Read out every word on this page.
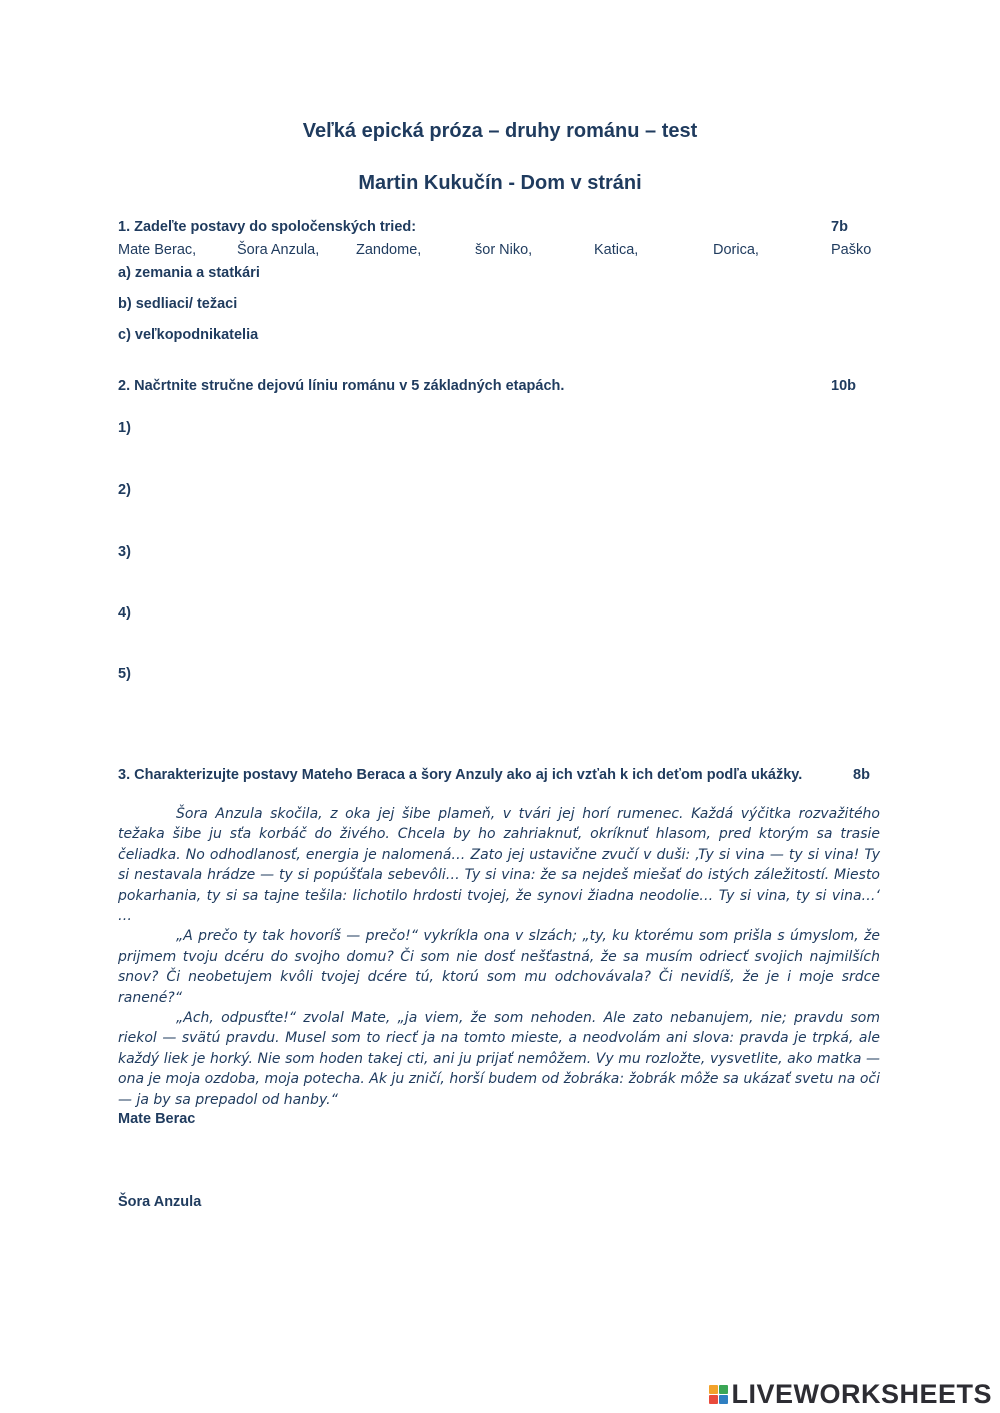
Veľká epická próza – druhy románu – test
Martin Kukučín - Dom v stráni
1. Zadeľte postavy do spoločenských tried:	7b
Mate Berac,	Šora Anzula,	Zandome,	šor Niko,	Katica,	Dorica,	Paško
a) zemania a statkári
b) sedliaci/ težaci
c) veľkopodnikatelia
2. Načrtnite stručne dejovú líniu románu v 5 základných etapách.	10b
1)
2)
3)
4)
5)
3. Charakterizujte postavy Mateho Beraca a šory Anzuly ako aj ich vzťah k ich deťom podľa ukážky.	8b

Šora Anzula skočila, z oka jej šibe plameň, v tvári jej horí rumenec. Každá výčitka rozvažitého težaka šibe ju sťa korbáč do živého. Chcela by ho zahriaknuť, okríknuť hlasom, pred ktorým sa trasie čeliadka. No odhodlanosť, energia je nalomená… Zato jej ustavične zvučí v duši: ‚Ty si vina — ty si vina! Ty si nestavala hrádze — ty si popúšťala sebevôli… Ty si vina: že sa nejdeš miešať do istých záležitostí. Miesto pokarhania, ty si sa tajne tešila: lichotilo hrdosti tvojej, že synovi žiadna neodolie… Ty si vina, ty si vina…‘ …

„A prečo ty tak hovoríš — prečo!“ vykríkla ona v slzách; „ty, ku ktorému som prišla s úmyslom, že prijmem tvoju dcéru do svojho domu? Či som nie dosť nešťastná, že sa musím odriecť svojich najmilších snov? Či neobetujem kvôli tvojej dcére tú, ktorú som mu odchovávala? Či nevidíš, že je i moje srdce ranené?“

„Ach, odpusťte!“ zvolal Mate, „ja viem, že som nehoden. Ale zato nebanujem, nie; pravdu som riekol — svätú pravdu. Musel som to riecť ja na tomto mieste, a neodvolám ani slova: pravda je trpká, ale každý liek je horký. Nie som hoden takej cti, ani ju prijať nemôžem. Vy mu rozložte, vysvetlite, ako matka — ona je moja ozdoba, moja potecha. Ak ju zničí, horší budem od žobráka: žobrák môže sa ukázať svetu na oči — ja by sa prepadol od hanby.“

Mate Berac
Šora Anzula
LIVEWORKSHEETS
